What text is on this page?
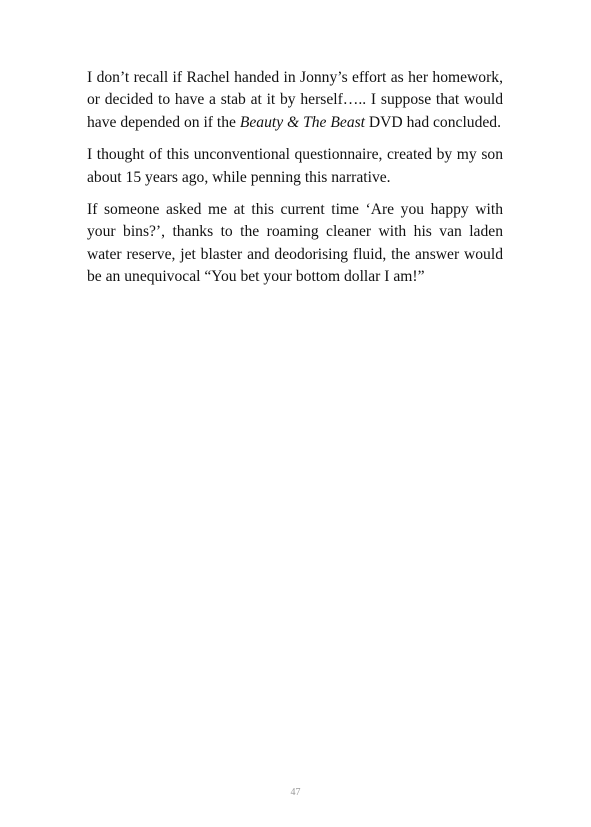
I don’t recall if Rachel handed in Jonny’s effort as her homework, or decided to have a stab at it by herself….. I suppose that would have depended on if the Beauty & The Beast DVD had concluded.

I thought of this unconventional questionnaire, created by my son about 15 years ago, while penning this narrative.

If someone asked me at this current time ‘Are you happy with your bins?’, thanks to the roaming cleaner with his van laden water reserve, jet blaster and deodorising fluid, the answer would be an unequivocal “You bet your bottom dollar I am!”

47
